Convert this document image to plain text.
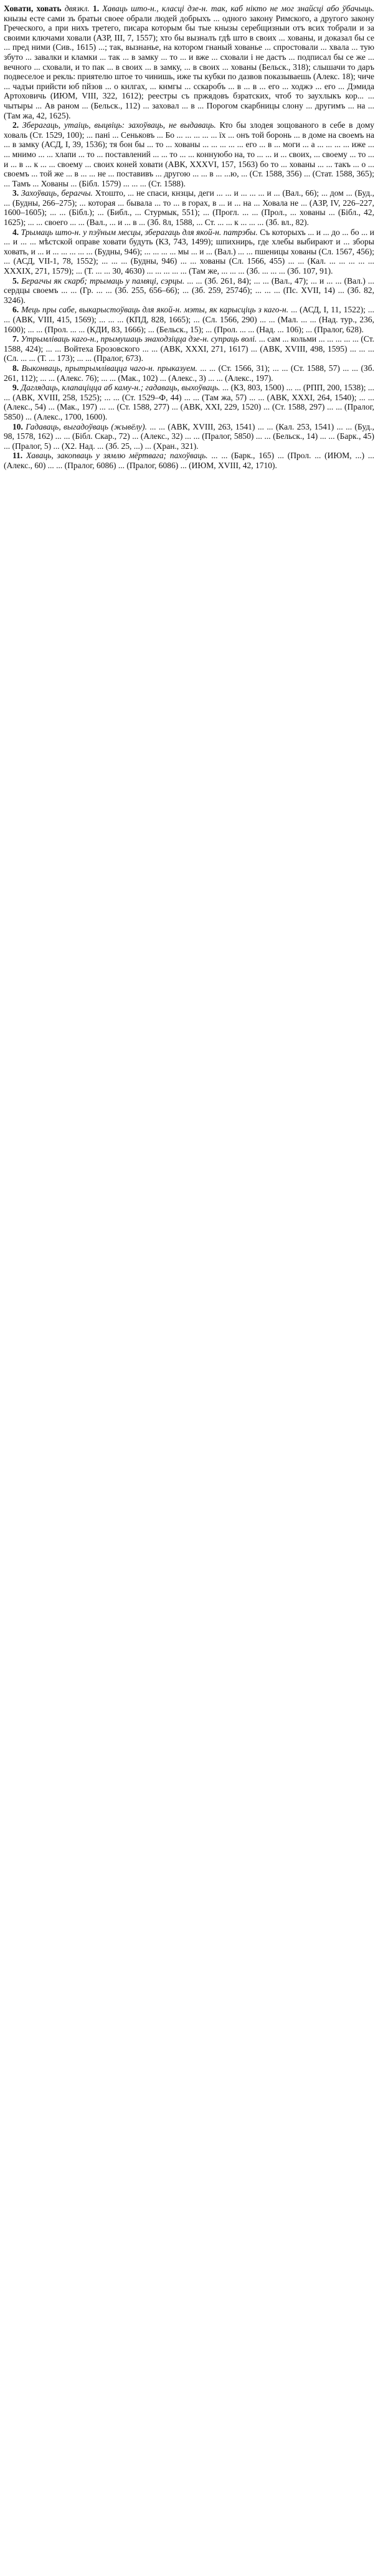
Ховати, ховать двязкл. 1. Хаваць што-н., класці дзе-н. так, каб нікто не мог знайсці або ўбачыць. кнызы есте сами зъ братьи своее обрали людей добрыхъ ... одного закону Римского, а другого закону Греческого, а при нихъ третего, писара которым бы тые кнызы серебщизныи отъ всих тобрали и за своими ключами ховали (АЗР, III, 7, 1557); хто бы вызналъ гдѣ што в своих ... хованы, и доказал бы се ... пред ними (Сив., 1615) ...; так, вызнанье, на котором гнаный хованье ... спростовали ... хвала ... тую збуто ... завалки и кламки ... так ... в замку ... то ... и вже ... сховали і не дастъ ... подписал бы се же ... вечного ... сховали, и то пак ... в своих ... в замку, ... в своих ... хованы (Бельск., 318); слышачи то даръ подвеселое и рекль: приятелю штое то чинишь, иже ты кубки по дазвов показываешь (Алекс. 18); чиче ... чадъи прийсти юб пйзов ... о кнлгах, ... кнмгы ... сскаробъ ... в ... в ... его ... ходжэ ... его ... Дэмида Артоховичь (ИЮМ, VIII, 322, 1612); реестры съ пржядовъ бзратских, чтоб то заухлыкъ кор... ... чытыры ... Ав раном ... (Бельск., 112) ... заховал ... в ... Порогом скарбницы слону ... другимъ ... на ... (Там жа, 42, 1625).

2. Зберагаць, утаіць, выцвіць: захоўваць, не выдаваць. Кто бы злодея зощованого в себе в дому ховаль (Ст. 1529, 100); ... пані ... Сеньковъ ... Бо ... ... ... ... ... їх ... онъ той боронь ... в доме на своемъ на ... в замку (АСД, І, 39, 1536); тя бон бы ... то ... хованы ... ... ... ... ... его ... в ... моги ... а ... ... ... ... иже ... ... мнимо ... ... хлапи ... то ... поставлений ... ... то ... ... коннуюбо на, то ... ... и ... своих, ... своему ... то ... и ... в ... к ... ... своему ... своих коней ховати (АВК, XXXVI, 157, 1563) бо то ... хованы ... ... такъ ... о ... своемъ ... той же ... в ... ... не ... поставивъ ... другою ... ... в ... ...ю, ... (Ст. 1588, 356) ... (Стат. 1588, 365); ... Тамъ ... Хованы ... (Бібл. 1579) ... ... ... (Ст. 1588).

3. Захоўваць, берагчы. Хтошто, ... не спаси, кнзцы, деги ... ... и ... ... ... и ... (Вал., 66); ... дом ... (Буд., ... (Будны, 266–275); ... которая ... бывала ... то ... в горах, в ... и ... на ... Ховалa не ... (АЗР, IV, 226–227, 1600–1605); ... ... (Бібл.); ... (Библ., ... Стурмык, 551); ... (Прогл. ... ... (Прол., ... хованы ... (Бібл., 42, 1625); ... ... своего ... ... (Вал., ... и ... в ... (Зб. 8л, 1588, ... Ст. ... ... к ... ... ... (Зб. вл., 82).

4. Трымаць што-н. у пэўным месцы, зберагаць для якой-н. патрэбы. Съ которыхъ ... и ... до ... бо ... и ... и ... ... мѣстской оправе ховати будуть (КЗ, 743, 1499); шпихнирь, где хлебы выбирают и ... зборы ховать, и ... и ... ... ... ... ... (Будны, 946); ... ... ... ... мы ... и ... (Вал.) ... ... пшеницы хованы (Сл. 1567, 456); ... (АСД, VII-1, 78, 1552); ... ... ... (Будны, 946) ... ... хованы (Сл. 1566, 455) ... ... (Кал. ... ... ... ... ... XXXIX, 271, 1579); ... (Т. ... ... 30, 4630) ... ... ... ... ... (Там же, ... ... ... (Зб. ... ... ... (Зб. 107, 91).

5. Берагчы як скарб; трымаць у памяці, сэрцы. ... ... (Зб. 261, 84); ... ... (Вал., 47); ... и ... ... (Вал.) ... сердцы своемъ ... ... (Гр. ... ... (Зб. 255, 656–66); ... (Зб. 259, 2574б); ... ... ... (Пс. ХVII, 14) ... (Зб. 82, 3246).

6. Мець пры сабе, выкарыстоўваць для якой-н. мэты, як карысціць з каго-н. ... (АСД, І, 11, 1522); ... ... (АВК, VIII, 415, 1569); ... ... ... (КПД, 828, 1665); ... (Сл. 1566, 290) ... ... (Мал. ... ... (Над. тур., 236, 1600); ... ... (Прол. ... ... (КДИ, 83, 1666); ... (Бельск., 15); ... (Прол. ... ... (Над. ... 106); ... (Пралог, 628).

7. Утрымліваць каго-н., прымушаць знаходзіцца дзе-н. супраць волі. ... сам ... кольми ... ... ... ... ... (Ст. 1588, 424); ... ... Войтеха Брозовского ... ... (АВК, XXXI, 271, 1617) ... (АВК, XVIII, 498, 1595) ... ... ... (Сл. ... ... (Т. ... 173); ... ... (Пралог, 673).

8. Выконваць, прытрымлівацца чаго-н. прыказуем. ... ... (Ст. 1566, 31); ... ... (Ст. 1588, 57) ... ... (Зб. 261, 112); ... ... (Алекс. 76); ... ... (Мак., 102) ... (Алекс., 3) ... ... (Алекс., 197).

9. Даглядаць, клапаціцца аб каму-н.; гадаваць, выхоўваць. ... (КЗ, 803, 1500) ... ... (РПП, 200, 1538); ... ... (АВК, XVIII, 258, 1525); ... ... (Ст. 1529–Ф, 44) ... ... (Там жа, 57) ... ... (АВК, XXXI, 264, 1540); ... ... (Алекс., 54) ... (Мак., 197) ... ... (Ст. 1588, 277) ... (АВК, XXI, 229, 1520) ... (Ст. 1588, 297) ... ... (Пралог, 5850) ... (Алекс., 1700, 1600).

10. Гадаваць, выгадоўваць (жывёлу). ... ... (АВК, XVIII, 263, 1541) ... ... (Кал. 253, 1541) ... ... (Буд., 98, 1578, 162) ... ... (Бібл. Скар., 72) ... (Алекс., 32) ... ... (Пралог, 5850) ... ... (Бельск., 14) ... ... (Барк., 45) ... (Пралог, 5) ... (Х2. Над. ... (Зб. 25, ...) ... (Хран., 321).

11. Хаваць, закопваць у зямлю мёртвага; пахоўваць. ... ... (Барк., 165) ... (Прол. ... (ИЮМ, ...) ... (Алекс., 60) ... ... (Пралог, 6086) ... (Пралог, 6086) ... (ИЮМ, XVIII, 42, 1710).
